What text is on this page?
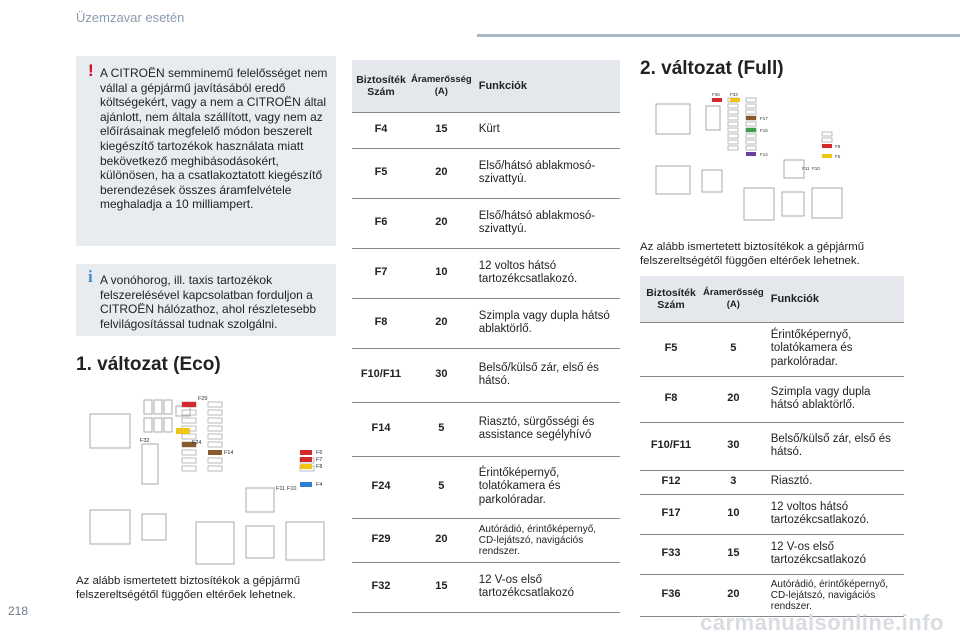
Üzemzavar esetén
! A CITROËN semminemű felelősséget nem vállal a gépjármű javításából eredő költségekért, vagy a nem a CITROËN által ajánlott, nem általa szállított, vagy nem az előírásainak megfelelő módon beszerelt kiegészítő tartozékok használata miatt bekövetkező meghibásodásokért, különösen, ha a csatlakoztatott kiegészítő berendezések összes áramfelvétele meghaladja a 10 milliampert.
i A vonóhorog, ill. taxis tartozékok felszerelésével kapcsolatban forduljon a CITROËN hálózathoz, ahol részletesebb felvilágosítással tudnak szolgálni.
1. változat (Eco)
F29
F32	F24
F14	F6
F7
F8
F4
F11 F10
Az alább ismertetett biztosítékok a gépjármű felszereltségétől függően eltérőek lehetnek.
Biztosíték Szám	Áramerősség (A)	Funkciók
F4	15	Kürt
F5	20	Első/hátsó ablakmosó-szivattyú.
F6	20	Első/hátsó ablakmosó-szivattyú.
F7	10	12 voltos hátsó tartozékcsatlakozó.
F8	20	Szimpla vagy dupla hátsó ablaktörlő.
F10/F11	30	Belső/külső zár, első és hátsó.
F14	5	Riasztó, sürgősségi és assistance segélyhívó
F24	5	Érintőképernyő, tolatókamera és parkolóradar.
F29	20	Autórádió, érintőképernyő, CD-lejátszó, navigációs rendszer.
F32	15	12 V-os első tartozékcsatlakozó
2. változat (Full)
F36 F33
F17
F15
F12
F8
F5
F11 F10
Az alább ismertetett biztosítékok a gépjármű felszereltségétől függően eltérőek lehetnek.
Biztosíték Szám	Áramerősség (A)	Funkciók
F5	5	Érintőképernyő, tolatókamera és parkolóradar.
F8	20	Szimpla vagy dupla hátsó ablaktörlő.
F10/F11	30	Belső/külső zár, első és hátsó.
F12	3	Riasztó.
F17	10	12 voltos hátsó tartozékcsatlakozó.
F33	15	12 V-os első tartozékcsatlakozó
F36	20	Autórádió, érintőképernyő, CD-lejátszó, navigációs rendszer.
218	carmanualsonline.info
